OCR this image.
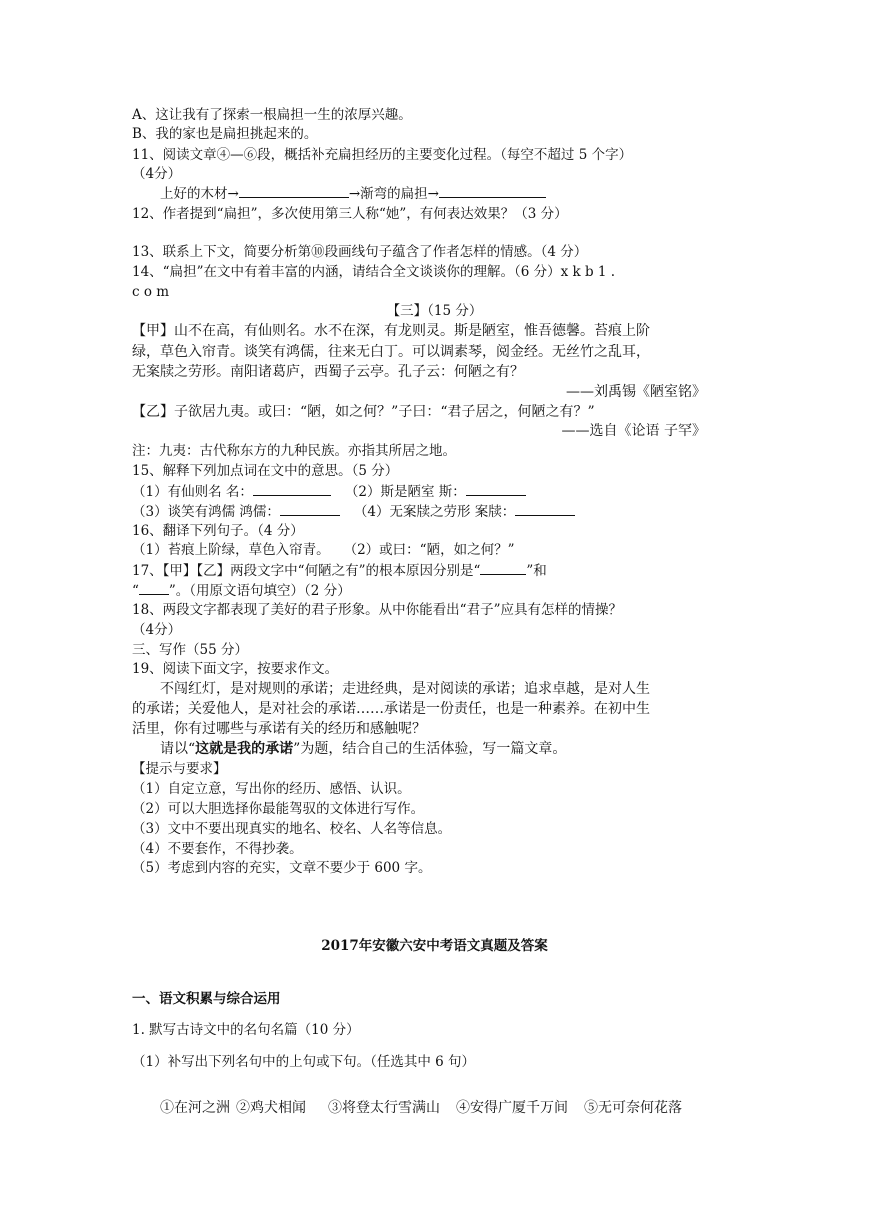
A、这让我有了探索一根扁担一生的浓厚兴趣。
B、我的家也是扁担挑起来的。
11、阅读文章④—⑥段，概括补充扁担经历的主要变化过程。（每空不超过 5 个字）
（4分）
上好的木材→	→渐弯的扁担→
12、作者提到“扁担”，多次使用第三人称“她”，有何表达效果？（3 分）
13、联系上下文，简要分析第⑩段画线句子蕴含了作者怎样的情感。（4 分）
14、“扁担”在文中有着丰富的内涵，请结合全文谈谈你的理解。（6 分）x k b 1 .
c o m
【三】（15 分）
【甲】山不在高，有仙则名。水不在深，有龙则灵。斯是陋室，惟吾德馨。苔痕上阶
绿，草色入帘青。谈笑有鸿儒，往来无白丁。可以调素琴，阅金经。无丝竹之乱耳，
无案牍之劳形。南阳诸葛庐，西蜀子云亭。孔子云：何陋之有？
——刘禹锡《陋室铭》
【乙】子欲居九夷。或曰：“陋，如之何？”子曰：“君子居之，何陋之有？”
——选自《论语 子罕》
注：九夷：古代称东方的九种民族。亦指其所居之地。
15、解释下列加点词在文中的意思。（5 分）
（1）有仙则名 名：	（2）斯是陋室 斯：
（3）谈笑有鸿儒 鸿儒：	（4）无案牍之劳形 案牍：
16、翻译下列句子。（4 分）
（1）苔痕上阶绿，草色入帘青。 （2）或曰：“陋，如之何？”
17、【甲】【乙】两段文字中“何陋之有”的根本原因分别是“	”和
“ ”。（用原文语句填空）（2 分）
18、两段文字都表现了美好的君子形象。从中你能看出“君子”应具有怎样的情操？
（4分）
三、写作（55 分）
19、阅读下面文字，按要求作文。
不闯红灯，是对规则的承诺；走进经典，是对阅读的承诺；追求卓越，是对人生
的承诺；关爱他人，是对社会的承诺……承诺是一份责任，也是一种素养。在初中生
活里，你有过哪些与承诺有关的经历和感触呢？
请以“这就是我的承诺”为题，结合自己的生活体验，写一篇文章。
【提示与要求】
（1）自定立意，写出你的经历、感悟、认识。
（2）可以大胆选择你最能驾驭的文体进行写作。
（3）文中不要出现真实的地名、校名、人名等信息。
（4）不要套作，不得抄袭。
（5）考虑到内容的充实，文章不要少于 600 字。
2017年安徽六安中考语文真题及答案
一、语文积累与综合运用
1. 默写古诗文中的名句名篇（10 分）
（1）补写出下列名句中的上句或下句。（任选其中 6 句）
①在河之洲 ②鸡犬相闻 ③将登太行雪满山 ④安得广厦千万间 ⑤无可奈何花落
